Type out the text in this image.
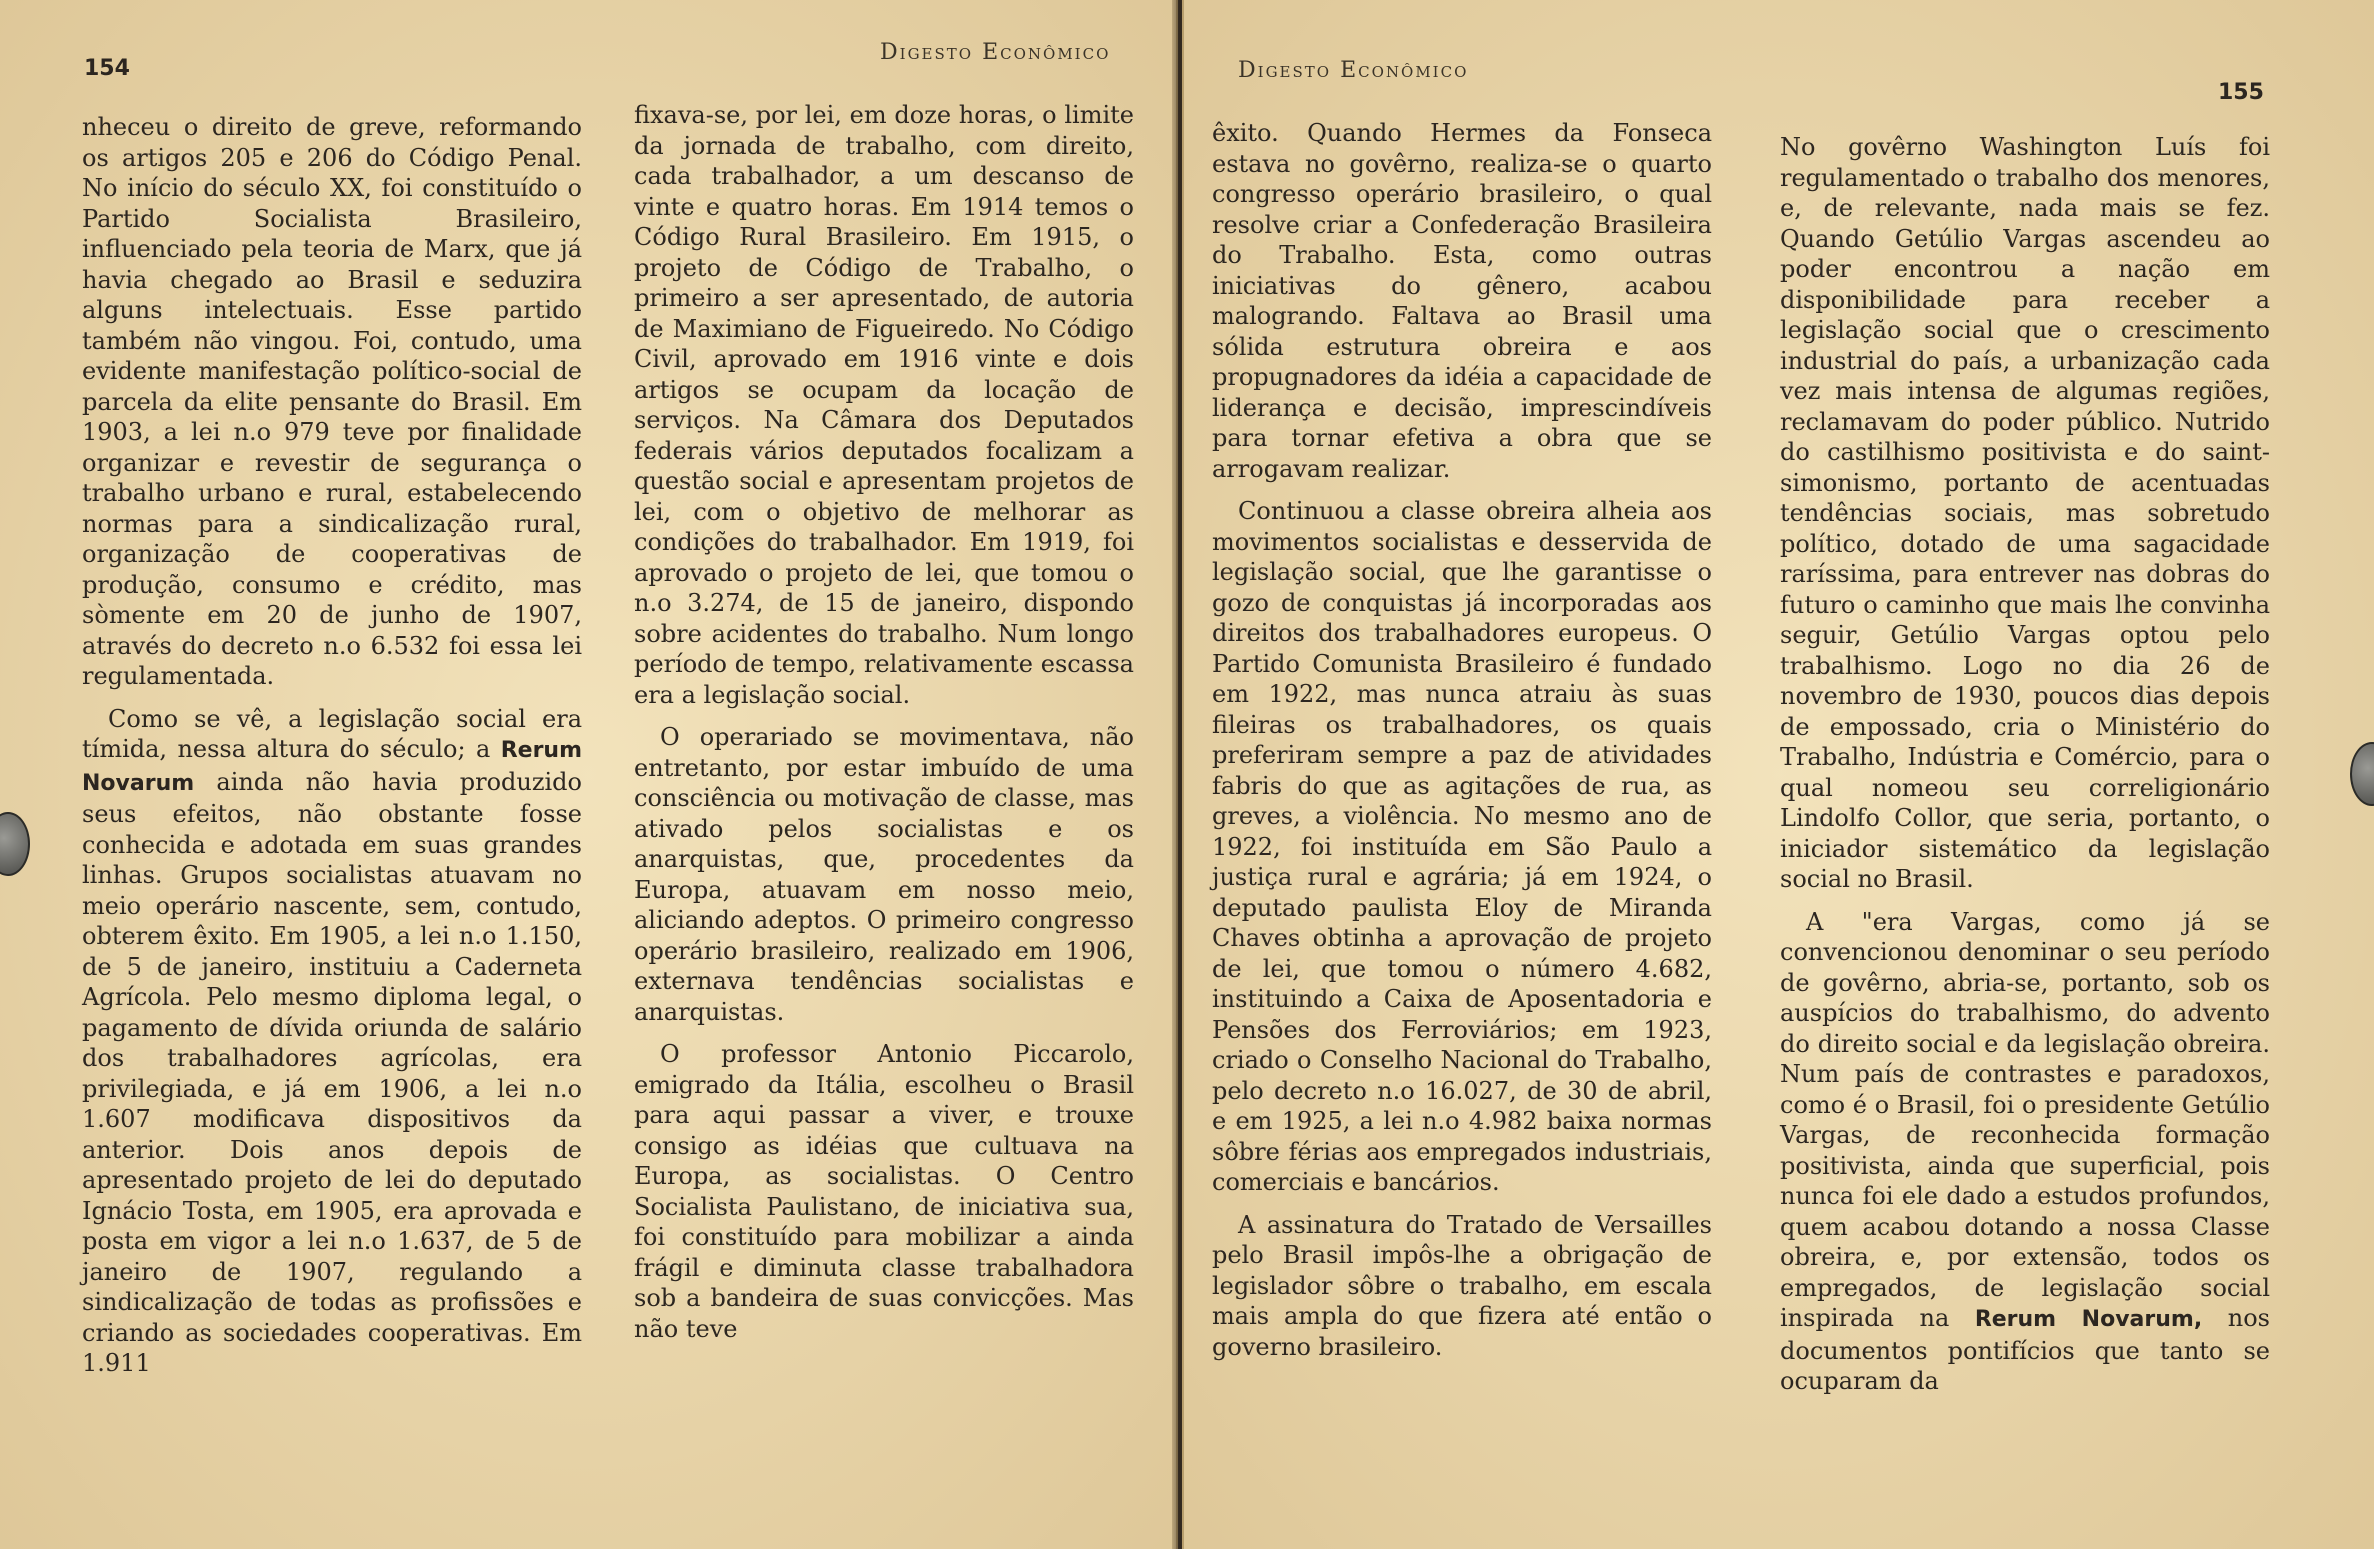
154
Digesto Econômico

nheceu o direito de greve, reformando os artigos 205 e 206 do Código Penal. No início do século XX, foi constituído o Partido Socialista Brasileiro, influenciado pela teoria de Marx, que já havia chegado ao Brasil e seduzira alguns intelectuais. Esse partido também não vingou. Foi, contudo, uma evidente manifestação político-social de parcela da elite pensante do Brasil. Em 1903, a lei n.o 979 teve por finalidade organizar e revestir de segurança o trabalho urbano e rural, estabelecendo normas para a sindicalização rural, organização de cooperativas de produção, consumo e crédito, mas sòmente em 20 de junho de 1907, através do decreto n.o 6.532 foi essa lei regulamentada.

Como se vê, a legislação social era tímida, nessa altura do século; a Rerum Novarum ainda não havia produzido seus efeitos, não obstante fosse conhecida e adotada em suas grandes linhas. Grupos socialistas atuavam no meio operário nascente, sem, contudo, obterem êxito. Em 1905, a lei n.o 1.150, de 5 de janeiro, instituiu a Caderneta Agrícola. Pelo mesmo diploma legal, o pagamento de dívida oriunda de salário dos trabalhadores agrícolas, era privilegiada, e já em 1906, a lei n.o 1.607 modificava dispositivos da anterior. Dois anos depois de apresentado projeto de lei do deputado Ignácio Tosta, em 1905, era aprovada e posta em vigor a lei n.o 1.637, de 5 de janeiro de 1907, regulando a sindicalização de todas as profissões e criando as sociedades cooperativas. Em 1.911

fixava-se, por lei, em doze horas, o limite da jornada de trabalho, com direito, cada trabalhador, a um descanso de vinte e quatro horas. Em 1914 temos o Código Rural Brasileiro. Em 1915, o projeto de Código de Trabalho, o primeiro a ser apresentado, de autoria de Maximiano de Figueiredo. No Código Civil, aprovado em 1916 vinte e dois artigos se ocupam da locação de serviços. Na Câmara dos Deputados federais vários deputados focalizam a questão social e apresentam projetos de lei, com o objetivo de melhorar as condições do trabalhador. Em 1919, foi aprovado o projeto de lei, que tomou o n.o 3.274, de 15 de janeiro, dispondo sobre acidentes do trabalho. Num longo período de tempo, relativamente escassa era a legislação social.

O operariado se movimentava, não entretanto, por estar imbuído de uma consciência ou motivação de classe, mas ativado pelos socialistas e os anarquistas, que, procedentes da Europa, atuavam em nosso meio, aliciando adeptos. O primeiro congresso operário brasileiro, realizado em 1906, externava tendências socialistas e anarquistas.

O professor Antonio Piccarolo, emigrado da Itália, escolheu o Brasil para aqui passar a viver, e trouxe consigo as idéias que cultuava na Europa, as socialistas. O Centro Socialista Paulistano, de iniciativa sua, foi constituído para mobilizar a ainda frágil e diminuta classe trabalhadora sob a bandeira de suas convicções. Mas não teve

Digesto Econômico
155

êxito. Quando Hermes da Fonseca estava no govêrno, realiza-se o quarto congresso operário brasileiro, o qual resolve criar a Confederação Brasileira do Trabalho. Esta, como outras iniciativas do gênero, acabou malogrando. Faltava ao Brasil uma sólida estrutura obreira e aos propugnadores da idéia a capacidade de liderança e decisão, imprescindíveis para tornar efetiva a obra que se arrogavam realizar.

Continuou a classe obreira alheia aos movimentos socialistas e desservida de legislação social, que lhe garantisse o gozo de conquistas já incorporadas aos direitos dos trabalhadores europeus. O Partido Comunista Brasileiro é fundado em 1922, mas nunca atraiu às suas fileiras os trabalhadores, os quais preferiram sempre a paz de atividades fabris do que as agitações de rua, as greves, a violência. No mesmo ano de 1922, foi instituída em São Paulo a justiça rural e agrária; já em 1924, o deputado paulista Eloy de Miranda Chaves obtinha a aprovação de projeto de lei, que tomou o número 4.682, instituindo a Caixa de Aposentadoria e Pensões dos Ferroviários; em 1923, criado o Conselho Nacional do Trabalho, pelo decreto n.o 16.027, de 30 de abril, e em 1925, a lei n.o 4.982 baixa normas sôbre férias aos empregados industriais, comerciais e bancários.

A assinatura do Tratado de Versailles pelo Brasil impôs-lhe a obrigação de legislador sôbre o trabalho, em escala mais ampla do que fizera até então o governo brasileiro.

No govêrno Washington Luís foi regulamentado o trabalho dos menores, e, de relevante, nada mais se fez. Quando Getúlio Vargas ascendeu ao poder encontrou a nação em disponibilidade para receber a legislação social que o crescimento industrial do país, a urbanização cada vez mais intensa de algumas regiões, reclamavam do poder público. Nutrido do castilhismo positivista e do saint-simonismo, portanto de acentuadas tendências sociais, mas sobretudo político, dotado de uma sagacidade raríssima, para entrever nas dobras do futuro o caminho que mais lhe convinha seguir, Getúlio Vargas optou pelo trabalhismo. Logo no dia 26 de novembro de 1930, poucos dias depois de empossado, cria o Ministério do Trabalho, Indústria e Comércio, para o qual nomeou seu correligionário Lindolfo Collor, que seria, portanto, o iniciador sistemático da legislação social no Brasil.

A "era Vargas, como já se convencionou denominar o seu período de govêrno, abria-se, portanto, sob os auspícios do trabalhismo, do advento do direito social e da legislação obreira. Num país de contrastes e paradoxos, como é o Brasil, foi o presidente Getúlio Vargas, de reconhecida formação positivista, ainda que superficial, pois nunca foi ele dado a estudos profundos, quem acabou dotando a nossa Classe obreira, e, por extensão, todos os empregados, de legislação social inspirada na Rerum Novarum, nos documentos pontifícios que tanto se ocuparam da
